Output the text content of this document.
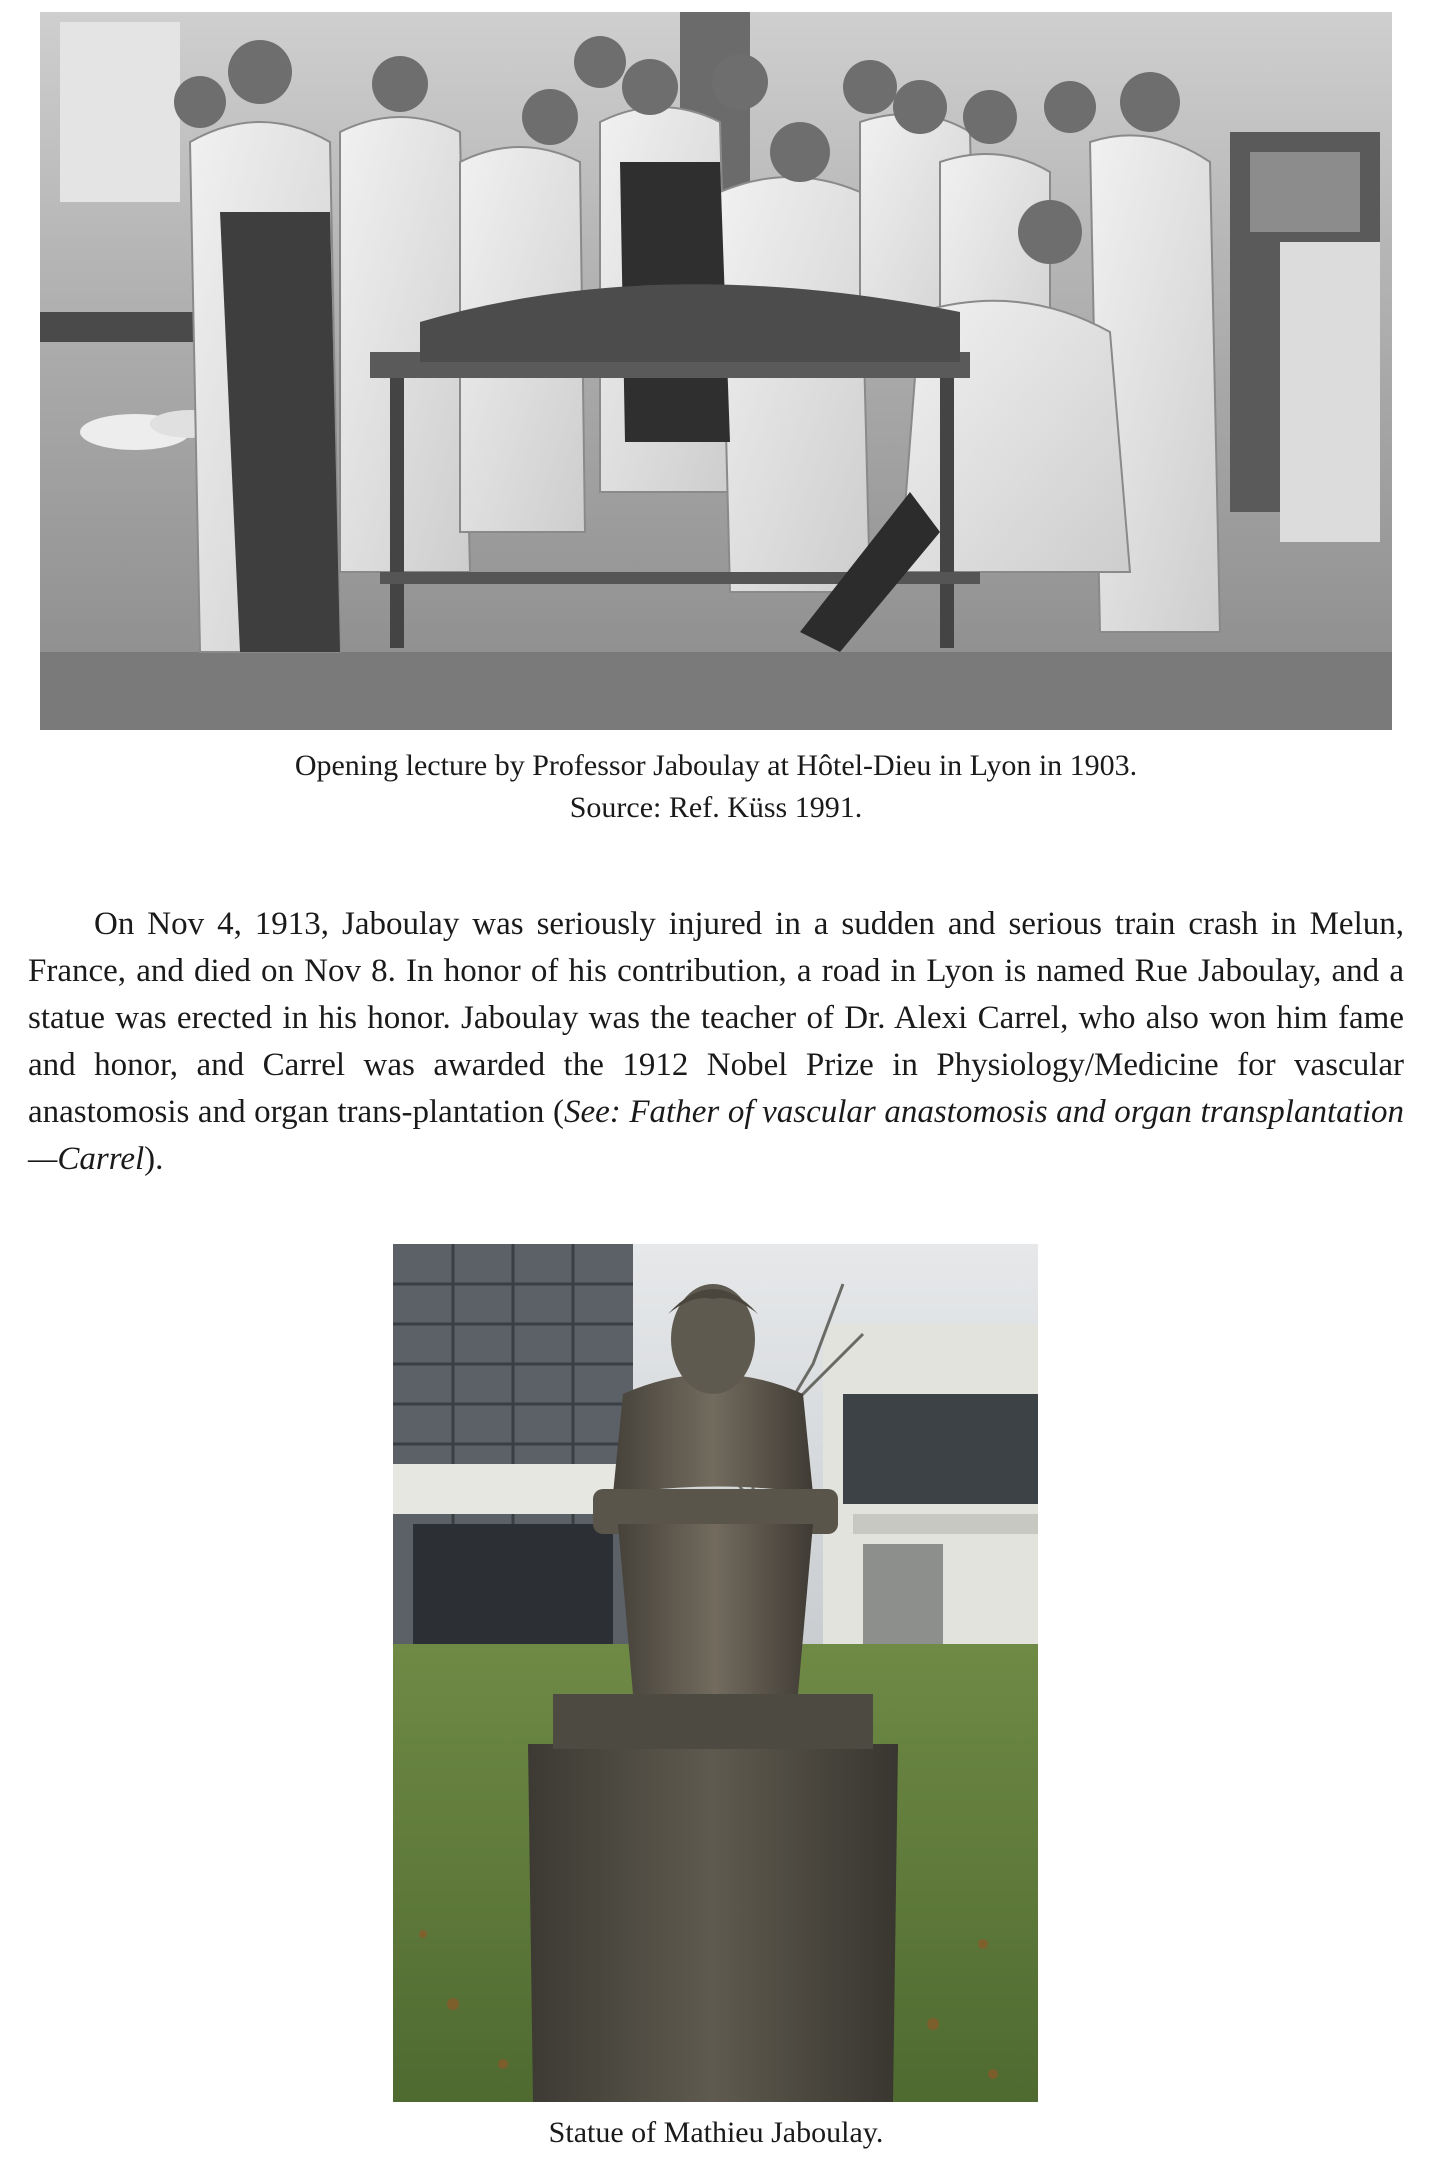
Opening lecture by Professor Jaboulay at Hôtel-Dieu in Lyon in 1903.
Source: Ref. Küss 1991.

On Nov 4, 1913, Jaboulay was seriously injured in a sudden and serious train crash in Melun, France, and died on Nov 8. In honor of his contribution, a road in Lyon is named Rue Jaboulay, and a statue was erected in his honor. Jaboulay was the teacher of Dr. Alexi Carrel, who also won him fame and honor, and Carrel was awarded the 1912 Nobel Prize in Physiology/Medicine for vascular anastomosis and organ trans-plantation (See: Father of vascular anastomosis and organ transplantation—Carrel).

Statue of Mathieu Jaboulay.
